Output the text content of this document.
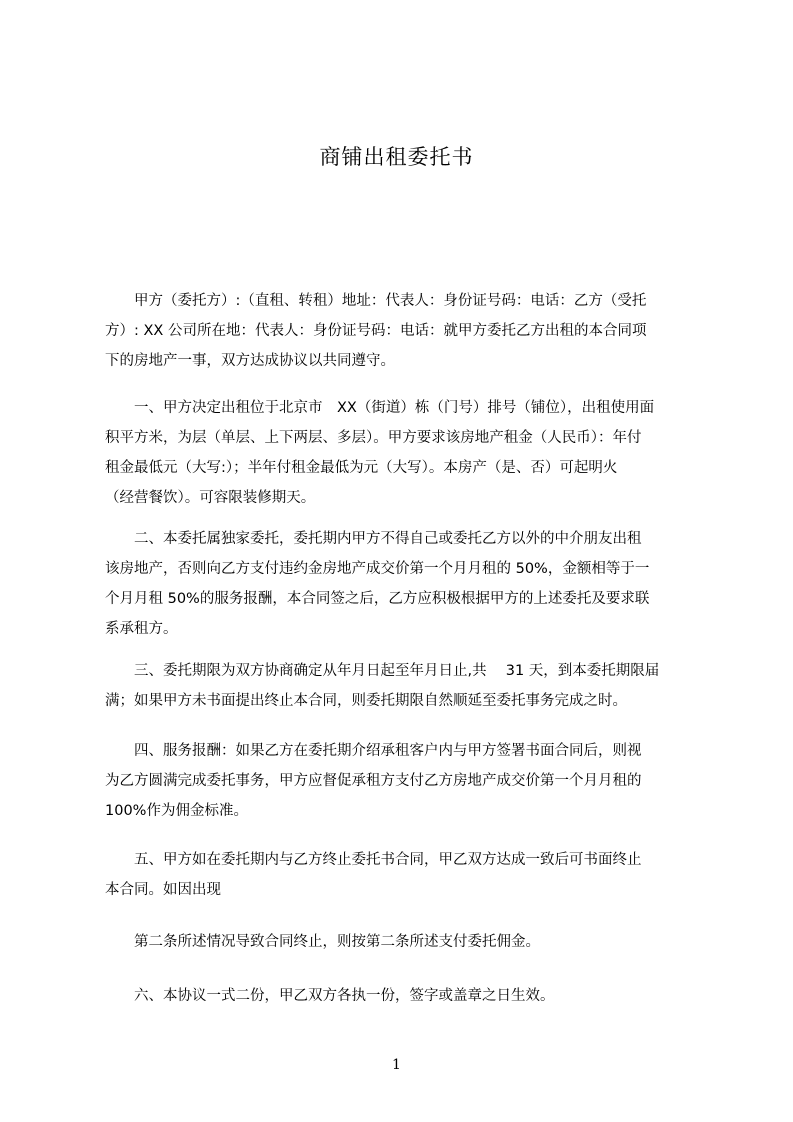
商铺出租委托书

甲方（委托方）:（直租、转租）地址：代表人：身份证号码：电话：乙方（受托
方）: XX 公司所在地：代表人：身份证号码：电话：就甲方委托乙方出租的本合同项
下的房地产一事，双方达成协议以共同遵守。

一、甲方决定出租位于北京市　XX（街道）栋（门号）排号（铺位），出租使用面
积平方米，为层（单层、上下两层、多层）。甲方要求该房地产租金（人民币）：年付
租金最低元（大写:）；半年付租金最低为元（大写）。本房产（是、否）可起明火
（经营餐饮）。可容限装修期天。

二、本委托属独家委托，委托期内甲方不得自己或委托乙方以外的中介朋友出租
该房地产，否则向乙方支付违约金房地产成交价第一个月月租的 50%，金额相等于一
个月月租 50%的服务报酬，本合同签之后，乙方应积极根据甲方的上述委托及要求联
系承租方。

三、委托期限为双方协商确定从年月日起至年月日止,共　 31 天，到本委托期限届
满；如果甲方未书面提出终止本合同，则委托期限自然顺延至委托事务完成之时。

四、服务报酬：如果乙方在委托期介绍承租客户内与甲方签署书面合同后，则视
为乙方圆满完成委托事务，甲方应督促承租方支付乙方房地产成交价第一个月月租的
100%作为佣金标准。

五、甲方如在委托期内与乙方终止委托书合同，甲乙双方达成一致后可书面终止
本合同。如因出现

第二条所述情况导致合同终止，则按第二条所述支付委托佣金。

六、本协议一式二份，甲乙双方各执一份，签字或盖章之日生效。

1
